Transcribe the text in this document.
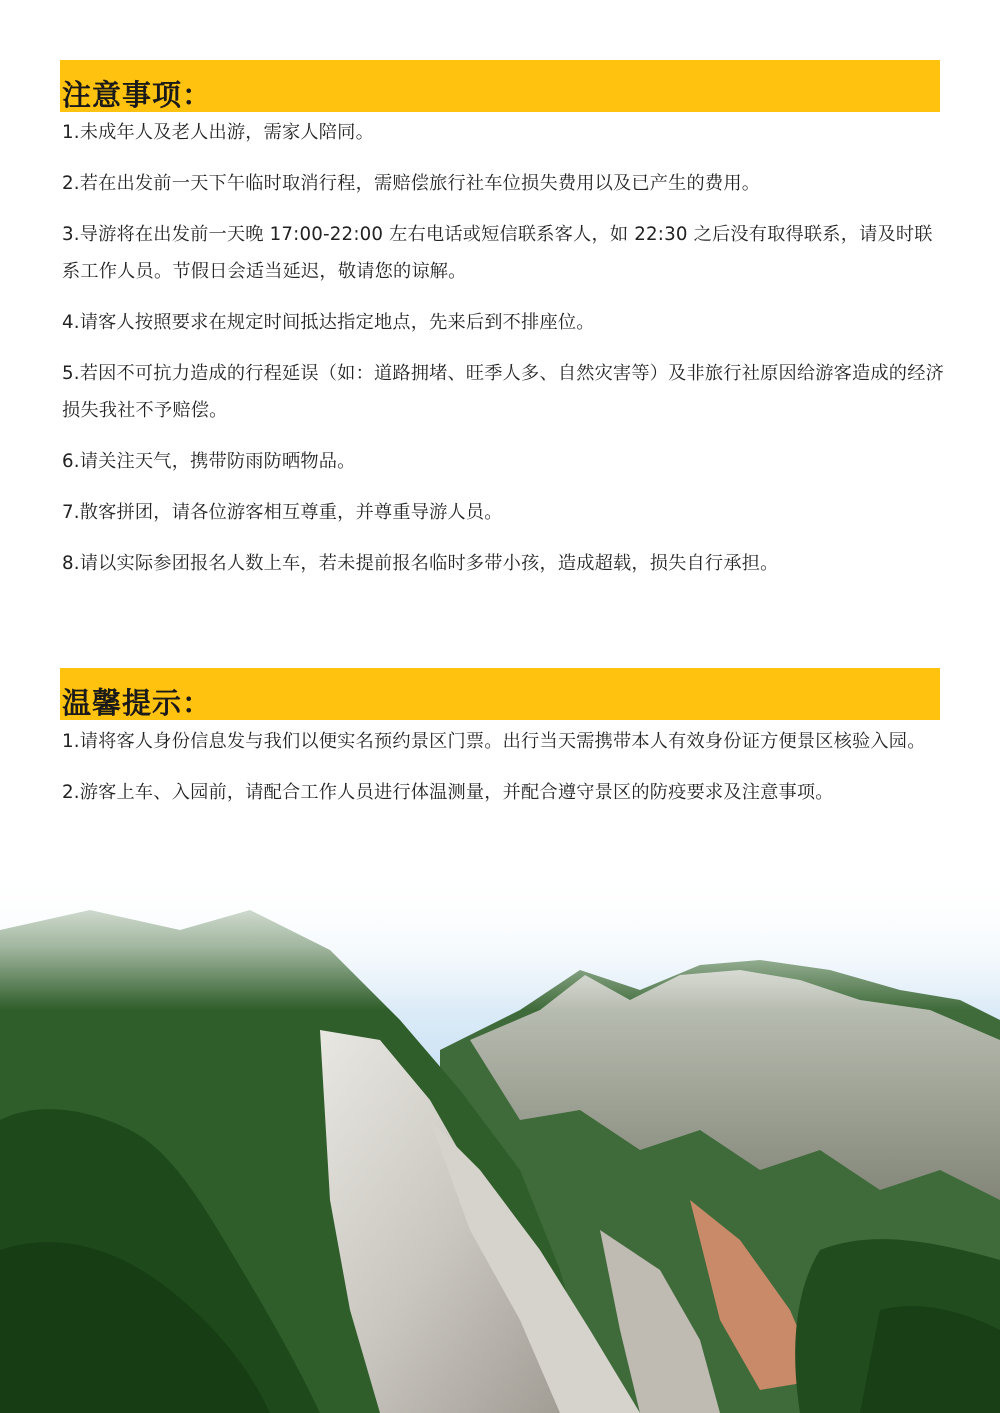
注意事项：
1.未成年人及老人出游，需家人陪同。
2.若在出发前一天下午临时取消行程，需赔偿旅行社车位损失费用以及已产生的费用。
3.导游将在出发前一天晚 17:00-22:00 左右电话或短信联系客人，如 22:30 之后没有取得联系，请及时联系工作人员。节假日会适当延迟，敬请您的谅解。
4.请客人按照要求在规定时间抵达指定地点，先来后到不排座位。
5.若因不可抗力造成的行程延误（如：道路拥堵、旺季人多、自然灾害等）及非旅行社原因给游客造成的经济损失我社不予赔偿。
6.请关注天气，携带防雨防晒物品。
7.散客拼团，请各位游客相互尊重，并尊重导游人员。
8.请以实际参团报名人数上车，若未提前报名临时多带小孩，造成超载，损失自行承担。
温馨提示：
1.请将客人身份信息发与我们以便实名预约景区门票。出行当天需携带本人有效身份证方便景区核验入园。
2.游客上车、入园前，请配合工作人员进行体温测量，并配合遵守景区的防疫要求及注意事项。
